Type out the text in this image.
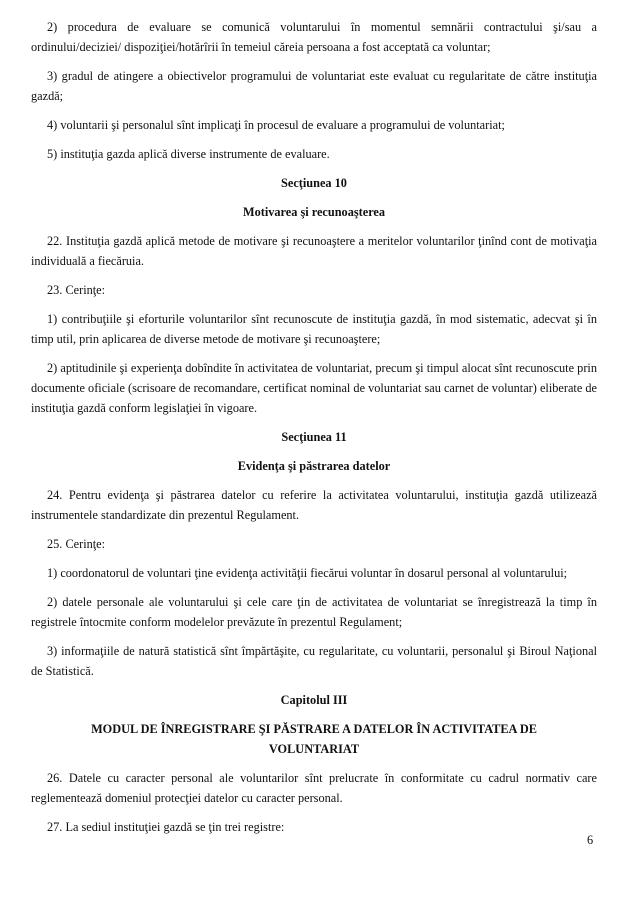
2) procedura de evaluare se comunică voluntarului în momentul semnării contractului şi/sau a ordinului/deciziei/ dispoziţiei/hotărîrii în temeiul căreia persoana a fost acceptată ca voluntar;

3) gradul de atingere a obiectivelor programului de voluntariat este evaluat cu regularitate de către instituţia gazdă;

4) voluntarii şi personalul sînt implicaţi în procesul de evaluare a programului de voluntariat;

5) instituţia gazda aplică diverse instrumente de evaluare.

Secţiunea 10

Motivarea şi recunoaşterea

22. Instituţia gazdă aplică metode de motivare şi recunoaştere a meritelor voluntarilor ţinînd cont de motivaţia individuală a fiecăruia.

23. Cerinţe:

1) contribuţiile şi eforturile voluntarilor sînt recunoscute de instituţia gazdă, în mod sistematic, adecvat şi în timp util, prin aplicarea de diverse metode de motivare şi recunoaştere;

2) aptitudinile şi experienţa dobîndite în activitatea de voluntariat, precum şi timpul alocat sînt recunoscute prin documente oficiale (scrisoare de recomandare, certificat nominal de voluntariat sau carnet de voluntar) eliberate de instituţia gazdă conform legislaţiei în vigoare.

Secţiunea 11

Evidenţa şi păstrarea datelor

24. Pentru evidenţa şi păstrarea datelor cu referire la activitatea voluntarului, instituţia gazdă utilizează instrumentele standardizate din prezentul Regulament.

25. Cerinţe:

1) coordonatorul de voluntari ţine evidenţa activităţii fiecărui voluntar în dosarul personal al voluntarului;

2) datele personale ale voluntarului şi cele care ţin de activitatea de voluntariat se înregistrează la timp în registrele întocmite conform modelelor prevăzute în prezentul Regulament;

3) informaţiile de natură statistică sînt împărtăşite, cu regularitate, cu voluntarii, personalul şi Biroul Naţional de Statistică.

Capitolul III

MODUL DE ÎNREGISTRARE ŞI PĂSTRARE A DATELOR ÎN ACTIVITATEA DE VOLUNTARIAT

26. Datele cu caracter personal ale voluntarilor sînt prelucrate în conformitate cu cadrul normativ care reglementează domeniul protecţiei datelor cu caracter personal.

27. La sediul instituţiei gazdă se ţin trei registre:

6
